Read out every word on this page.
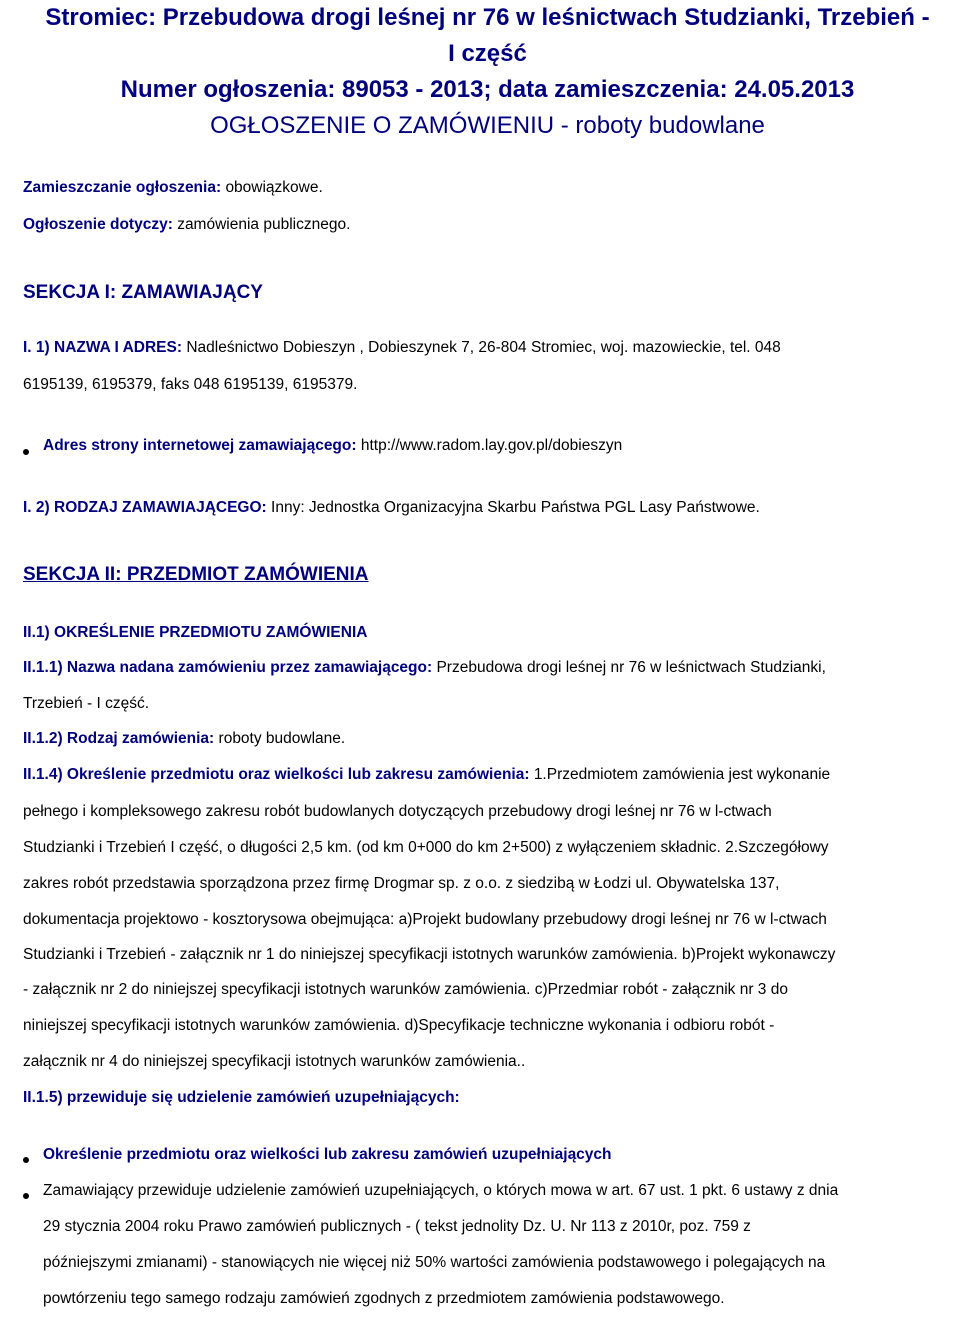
Stromiec: Przebudowa drogi leśnej nr 76 w leśnictwach Studzianki, Trzebień -
I część
Numer ogłoszenia: 89053 - 2013; data zamieszczenia: 24.05.2013
OGŁOSZENIE O ZAMÓWIENIU - roboty budowlane
Zamieszczanie ogłoszenia: obowiązkowe.
Ogłoszenie dotyczy: zamówienia publicznego.
SEKCJA I: ZAMAWIAJĄCY
I. 1) NAZWA I ADRES: Nadleśnictwo Dobieszyn , Dobieszynek 7, 26-804 Stromiec, woj. mazowieckie, tel. 048
6195139, 6195379, faks 048 6195139, 6195379.
Adres strony internetowej zamawiającego: http://www.radom.lay.gov.pl/dobieszyn
I. 2) RODZAJ ZAMAWIAJĄCEGO: Inny: Jednostka Organizacyjna Skarbu Państwa PGL Lasy Państwowe.
SEKCJA II: PRZEDMIOT ZAMÓWIENIA
II.1) OKREŚLENIE PRZEDMIOTU ZAMÓWIENIA
II.1.1) Nazwa nadana zamówieniu przez zamawiającego: Przebudowa drogi leśnej nr 76 w leśnictwach Studzianki,
Trzebień - I część.
II.1.2) Rodzaj zamówienia: roboty budowlane.
II.1.4) Określenie przedmiotu oraz wielkości lub zakresu zamówienia: 1.Przedmiotem zamówienia jest wykonanie
pełnego i kompleksowego zakresu robót budowlanych dotyczących przebudowy drogi leśnej nr 76 w l-ctwach
Studzianki i Trzebień I część, o długości 2,5 km. (od km 0+000 do km 2+500) z wyłączeniem składnic. 2.Szczegółowy
zakres robót przedstawia sporządzona przez firmę Drogmar sp. z o.o. z siedzibą w Łodzi ul. Obywatelska 137,
dokumentacja projektowo - kosztorysowa obejmująca: a)Projekt budowlany przebudowy drogi leśnej nr 76 w l-ctwach
Studzianki i Trzebień - załącznik nr 1 do niniejszej specyfikacji istotnych warunków zamówienia. b)Projekt wykonawczy
- załącznik nr 2 do niniejszej specyfikacji istotnych warunków zamówienia. c)Przedmiar robót - załącznik nr 3 do
niniejszej specyfikacji istotnych warunków zamówienia. d)Specyfikacje techniczne wykonania i odbioru robót -
załącznik nr 4 do niniejszej specyfikacji istotnych warunków zamówienia..
II.1.5) przewiduje się udzielenie zamówień uzupełniających:
Określenie przedmiotu oraz wielkości lub zakresu zamówień uzupełniających
Zamawiający przewiduje udzielenie zamówień uzupełniających, o których mowa w art. 67 ust. 1 pkt. 6 ustawy z dnia
29 stycznia 2004 roku Prawo zamówień publicznych - ( tekst jednolity Dz. U. Nr 113 z 2010r, poz. 759 z
późniejszymi zmianami) - stanowiących nie więcej niż 50% wartości zamówienia podstawowego i polegających na
powtórzeniu tego samego rodzaju zamówień zgodnych z przedmiotem zamówienia podstawowego.
